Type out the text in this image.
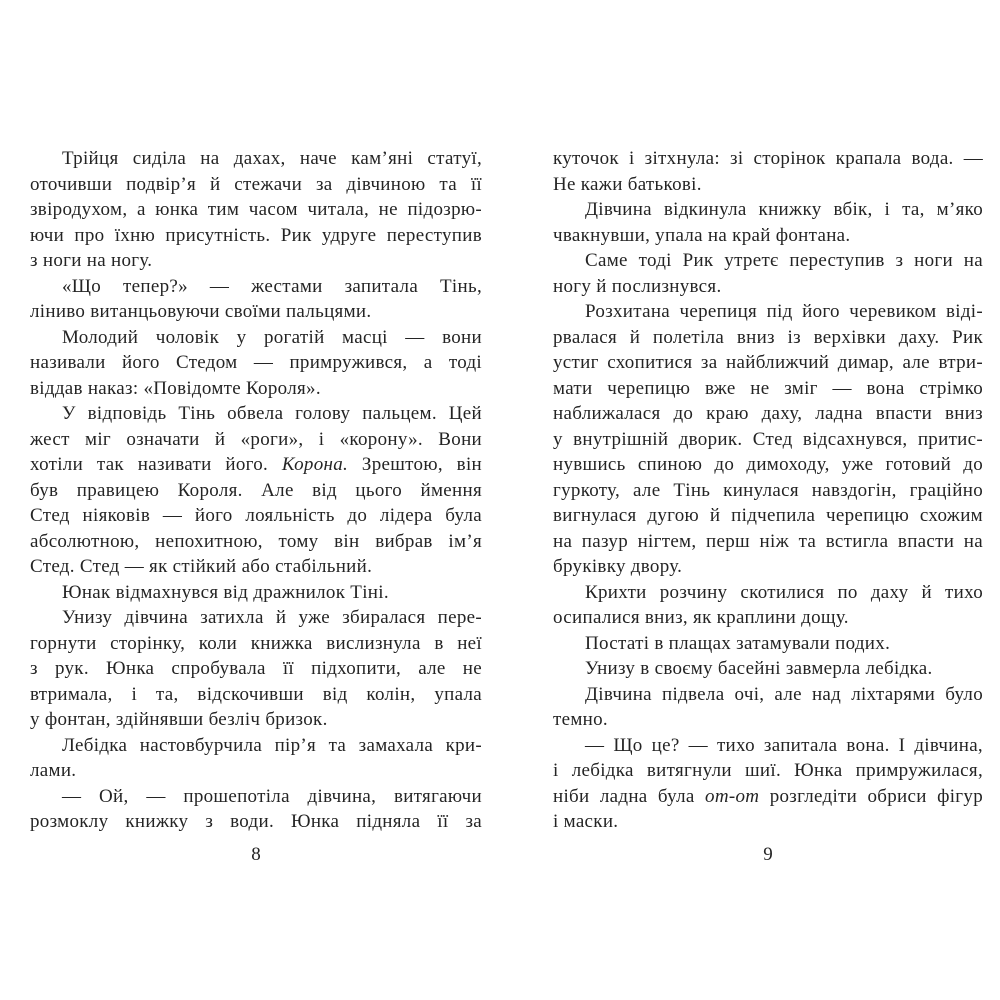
Трійця сиділа на дахах, наче кам’яні статуї,
оточивши подвір’я й стежачи за дівчиною та її
звіродухом, а юнка тим часом читала, не підозрю-
ючи про їхню присутність. Рик удруге переступив
з ноги на ногу.
«Що тепер?» — жестами запитала Тінь,
ліниво витанцьовуючи своїми пальцями.
Молодий чоловік у рогатій масці — вони
називали його Стедом — примружився, а тоді
віддав наказ: «Повідомте Короля».
У відповідь Тінь обвела голову пальцем. Цей
жест міг означати й «роги», і «корону». Вони
хотіли так називати його. Корона. Зрештою, він
був правицею Короля. Але від цього ймення
Стед ніяковів — його лояльність до лідера була
абсолютною, непохитною, тому він вибрав ім’я
Стед. Стед — як стійкий або стабільний.
Юнак відмахнувся від дражнилок Тіні.
Унизу дівчина затихла й уже збиралася пере-
горнути сторінку, коли книжка вислизнула в неї
з рук. Юнка спробувала її підхопити, але не
втримала, і та, відскочивши від колін, упала
у фонтан, здійнявши безліч бризок.
Лебідка настовбурчила пір’я та замахала кри-
лами.
— Ой, — прошепотіла дівчина, витягаючи
розмоклу книжку з води. Юнка підняла її за
куточок і зітхнула: зі сторінок крапала вода. —
Не кажи батькові.
Дівчина відкинула книжку вбік, і та, м’яко
чвакнувши, упала на край фонтана.
Саме тоді Рик утретє переступив з ноги на
ногу й послизнувся.
Розхитана черепиця під його черевиком віді-
рвалася й полетіла вниз із верхівки даху. Рик
устиг схопитися за найближчий димар, але втри-
мати черепицю вже не зміг — вона стрімко
наближалася до краю даху, ладна впасти вниз
у внутрішній дворик. Стед відсахнувся, притис-
нувшись спиною до димоходу, уже готовий до
гуркоту, але Тінь кинулася навздогін, граційно
вигнулася дугою й підчепила черепицю схожим
на пазур нігтем, перш ніж та встигла впасти на
бруківку двору.
Крихти розчину скотилися по даху й тихо
осипалися вниз, як краплини дощу.
Постаті в плащах затамували подих.
Унизу в своєму басейні завмерла лебідка.
Дівчина підвела очі, але над ліхтарями було
темно.
— Що це? — тихо запитала вона. І дівчина,
і лебідка витягнули шиї. Юнка примружилася,
ніби ладна була от-от розгледіти обриси фігур
і маски.
8	9
